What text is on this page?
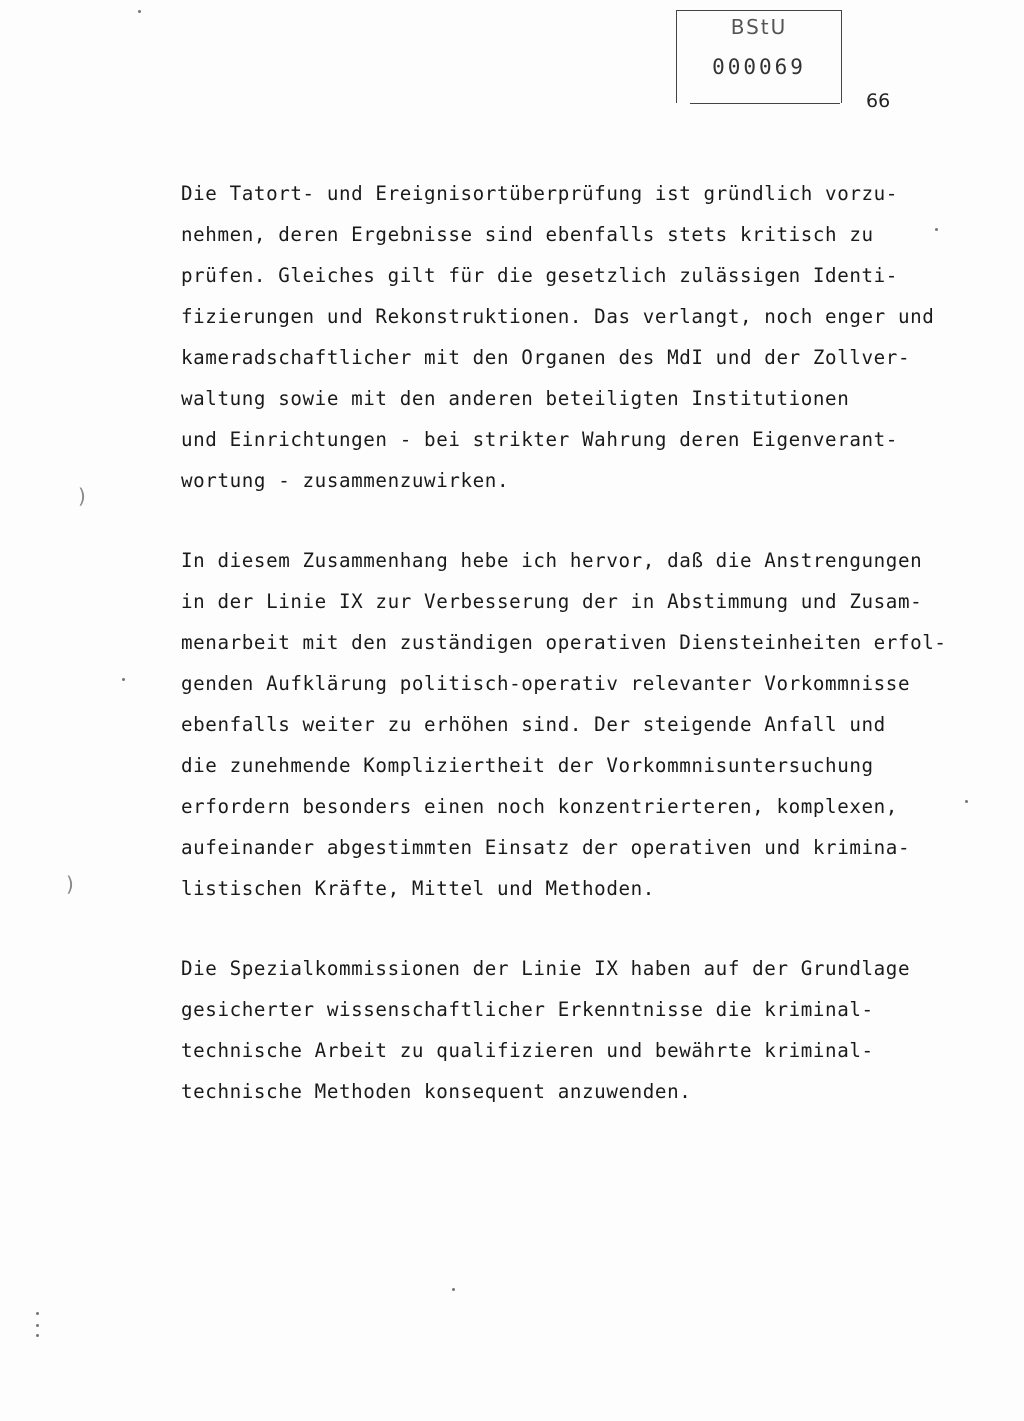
BStU
000069
66
Die Tatort- und Ereignisortüberprüfung ist gründlich vorzu-
nehmen, deren Ergebnisse sind ebenfalls stets kritisch zu
prüfen. Gleiches gilt für die gesetzlich zulässigen Identi-
fizierungen und Rekonstruktionen. Das verlangt, noch enger und
kameradschaftlicher mit den Organen des MdI und der Zollver-
waltung sowie mit den anderen beteiligten Institutionen
und Einrichtungen - bei strikter Wahrung deren Eigenverant-
wortung - zusammenzuwirken.
In diesem Zusammenhang hebe ich hervor, daß die Anstrengungen
in der Linie IX zur Verbesserung der in Abstimmung und Zusam-
menarbeit mit den zuständigen operativen Diensteinheiten erfol-
genden Aufklärung politisch-operativ relevanter Vorkommnisse
ebenfalls weiter zu erhöhen sind. Der steigende Anfall und
die zunehmende Kompliziertheit der Vorkommnisuntersuchung
erfordern besonders einen noch konzentrierteren, komplexen,
aufeinander abgestimmten Einsatz der operativen und krimina-
listischen Kräfte, Mittel und Methoden.
Die Spezialkommissionen der Linie IX haben auf der Grundlage
gesicherter wissenschaftlicher Erkenntnisse die kriminal-
technische Arbeit zu qualifizieren und bewährte kriminal-
technische Methoden konsequent anzuwenden.
)
)
